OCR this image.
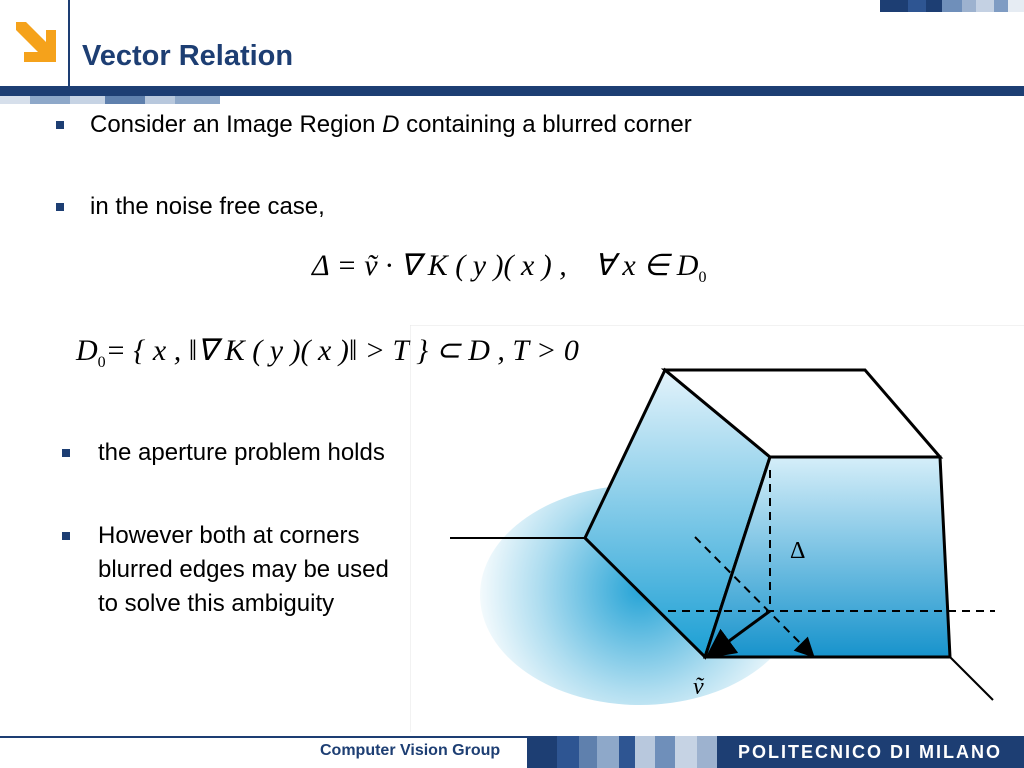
Vector Relation
Consider an Image Region D containing a blurred corner
in the noise free case,
Δ = ṽ · ∇ K ( y )( x ) , ∀ x ∈ $D_0$
$D_0=$ { x , ‖∇ K ( y )( x )‖ > T } ⊂ D , T > 0
the aperture problem holds
However both at corners
blurred edges may be used
to solve this ambiguity
Δ
ṽ
Computer Vision Group	POLITECNICO DI MILANO
